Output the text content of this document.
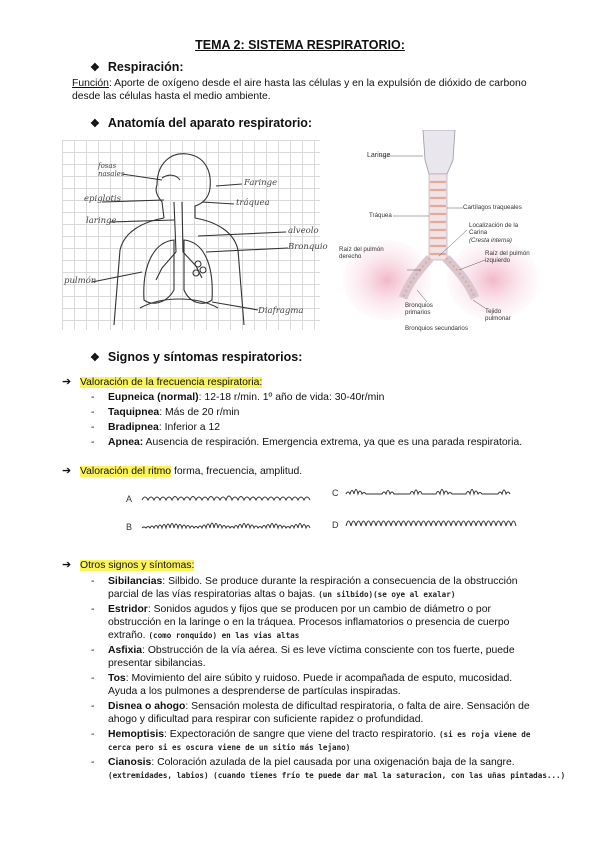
TEMA 2: SISTEMA RESPIRATORIO:
❖ Respiración:
Función: Aporte de oxígeno desde el aire hasta las células y en la expulsión de dióxido de carbono
desde las células hasta el medio ambiente.
❖ Anatomía del aparato respiratorio:
fosas nasales
epiglotis
laringe
Faringe
tráquea
alveolo
Bronquio
pulmón
Diafragma
Laringe
Cartílagos traqueales
Tráquea
Localización de la Carina
(Cresta interna)
Raíz del pulmón derecho	Raíz del pulmón izquierdo
Bronquios primarios	Tejido pulmonar
Bronquios secundarios
❖ Signos y síntomas respiratorios:
➔ Valoración de la frecuencia respiratoria:
- Eupneica (normal): 12-18 r/min. 1º año de vida: 30-40r/min
- Taquipnea: Más de 20 r/min
- Bradipnea: Inferior a 12
- Apnea: Ausencia de respiración. Emergencia extrema, ya que es una parada respiratoria.
➔ Valoración del ritmo forma, frecuencia, amplitud.
A
B
C
D
➔ Otros signos y síntomas:
- Sibilancias: Silbido. Se produce durante la respiración a consecuencia de la obstrucción
parcial de las vías respiratorias altas o bajas. (un silbido)(se oye al exalar)
- Estridor: Sonidos agudos y fijos que se producen por un cambio de diámetro o por
obstrucción en la laringe o en la tráquea. Procesos inflamatorios o presencia de cuerpo
extraño. (como ronquido) en las vias altas
- Asfixia: Obstrucción de la vía aérea. Si es leve víctima consciente con tos fuerte, puede
presentar sibilancias.
- Tos: Movimiento del aire súbito y ruidoso. Puede ir acompañada de esputo, mucosidad.
Ayuda a los pulmones a desprenderse de partículas inspiradas.
- Disnea o ahogo: Sensación molesta de dificultad respiratoria, o falta de aire. Sensación de
ahogo y dificultad para respirar con suficiente rapidez o profundidad.
- Hemoptisis: Expectoración de sangre que viene del tracto respiratorio. (si es roja viene de
cerca pero si es oscura viene de un sitio más lejano)
- Cianosis: Coloración azulada de la piel causada por una oxigenación baja de la sangre.
(extremidades, labios) (cuando tienes frío te puede dar mal la saturacion, con las uñas pintadas...)
